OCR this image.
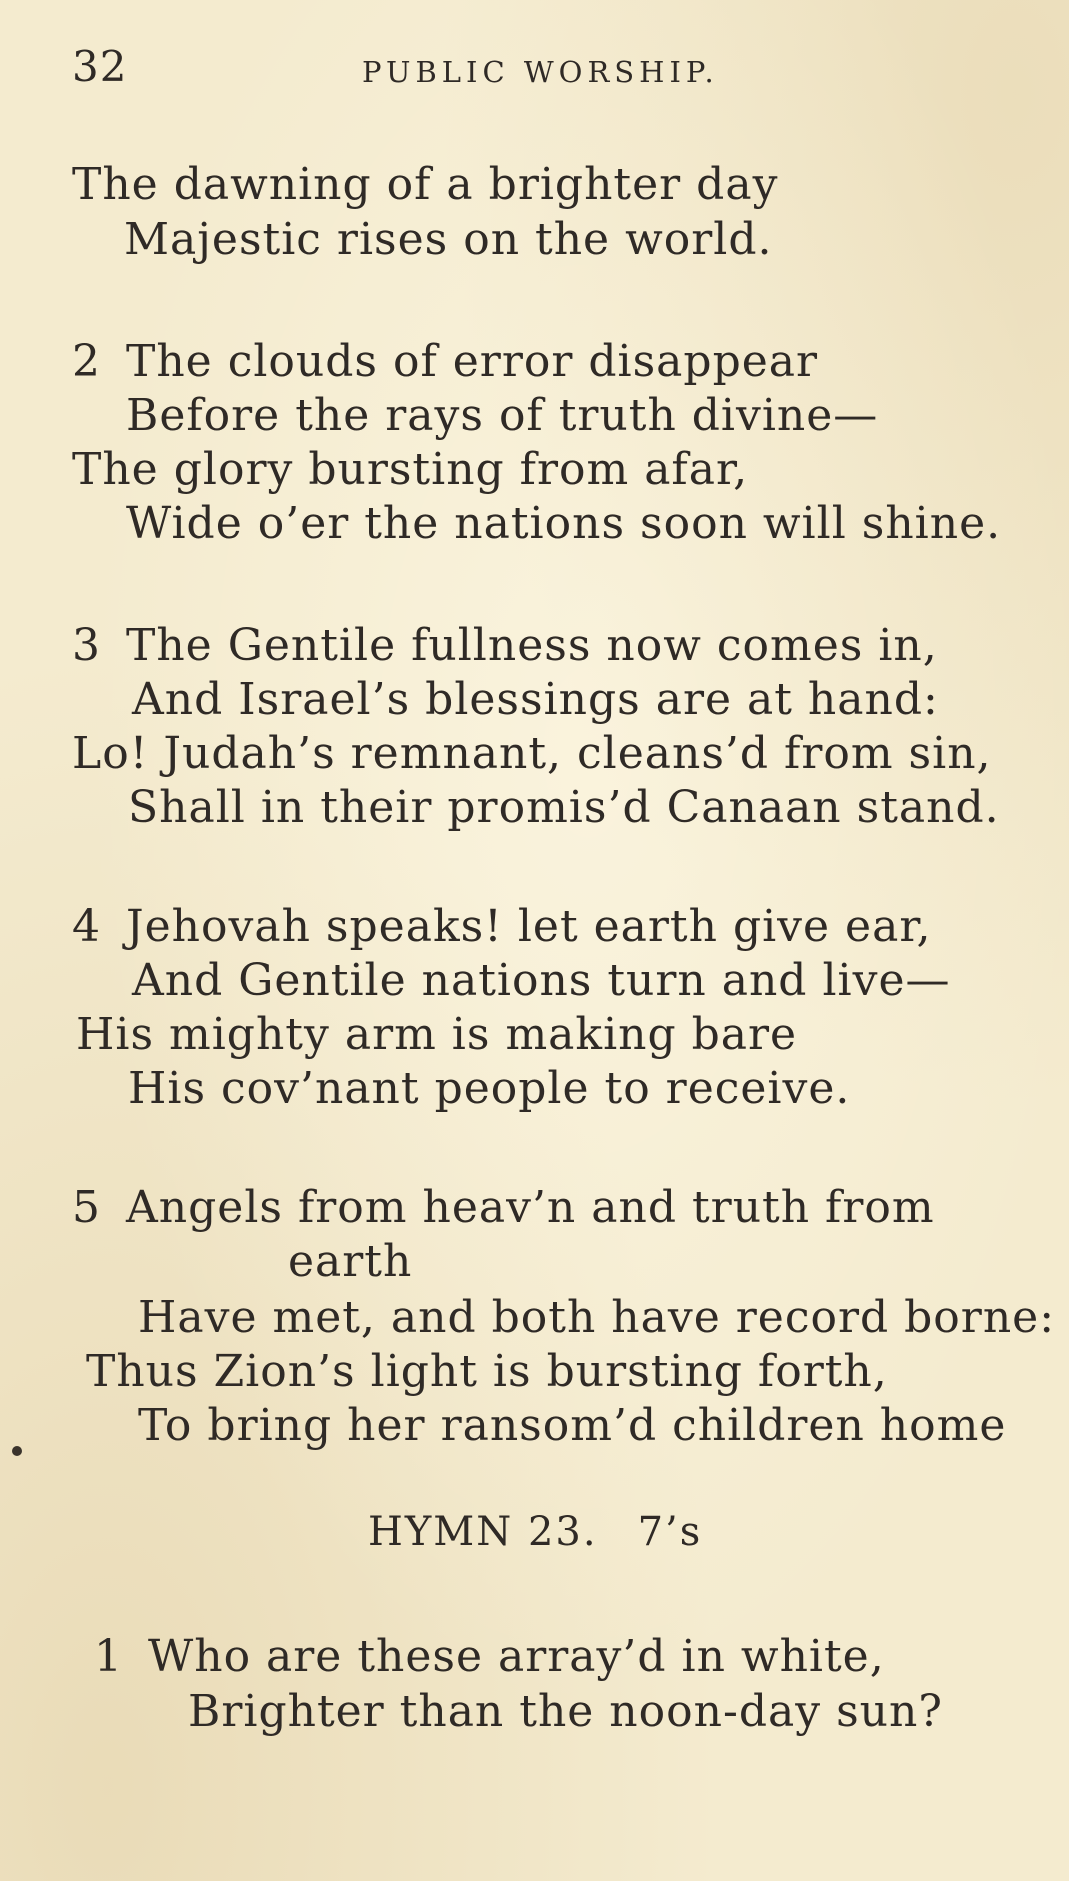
32	PUBLIC WORSHIP.
The dawning of a brighter day
Majestic rises on the world.
2 The clouds of error disappear
Before the rays of truth divine—
The glory bursting from afar,
Wide o’er the nations soon will shine.
3 The Gentile fullness now comes in,
And Israel’s blessings are at hand:
Lo! Judah’s remnant, cleans’d from sin,
Shall in their promis’d Canaan stand.
4 Jehovah speaks! let earth give ear,
And Gentile nations turn and live—
His mighty arm is making bare
His cov’nant people to receive.
5 Angels from heav’n and truth from
earth
Have met, and both have record borne:
Thus Zion’s light is bursting forth,
To bring her ransom’d children home
HYMN 23. 7’s
1 Who are these array’d in white,
Brighter than the noon-day sun?
